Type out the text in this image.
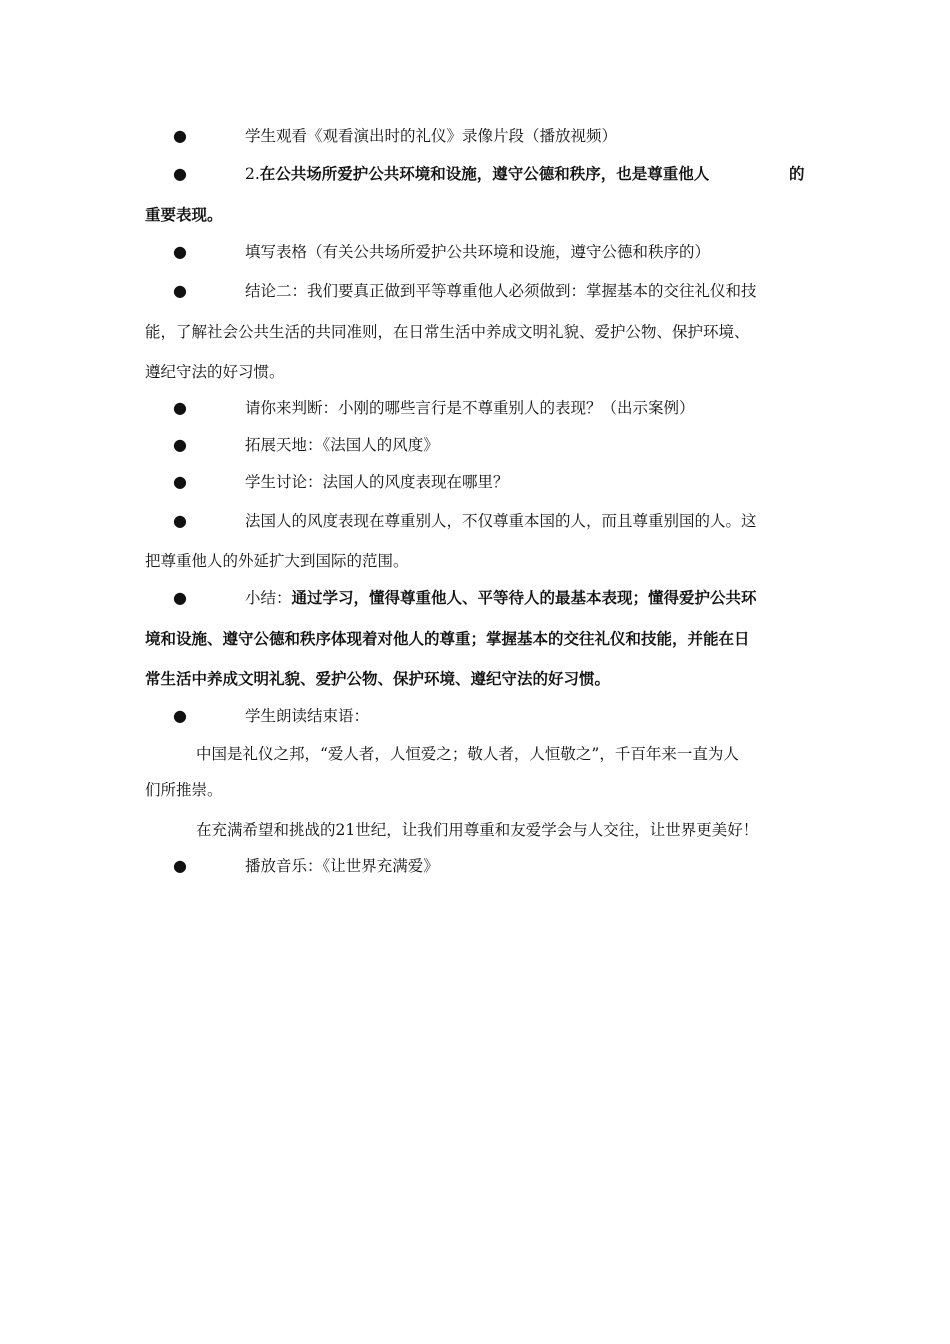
●	学生观看《观看演出时的礼仪》录像片段（播放视频）
●	2.在公共场所爱护公共环境和设施，遵守公德和秩序，也是尊重他人	的
重要表现。
●	填写表格（有关公共场所爱护公共环境和设施，遵守公德和秩序的）
●	结论二：我们要真正做到平等尊重他人必须做到：掌握基本的交往礼仪和技
能，了解社会公共生活的共同准则，在日常生活中养成文明礼貌、爱护公物、保护环境、
遵纪守法的好习惯。
●	请你来判断：小刚的哪些言行是不尊重别人的表现？（出示案例）
●	拓展天地：《法国人的风度》
●	学生讨论：法国人的风度表现在哪里？
●	法国人的风度表现在尊重别人，不仅尊重本国的人，而且尊重别国的人。这
把尊重他人的外延扩大到国际的范围。
●	小结：通过学习，懂得尊重他人、平等待人的最基本表现；懂得爱护公共环
境和设施、遵守公德和秩序体现着对他人的尊重；掌握基本的交往礼仪和技能，并能在日
常生活中养成文明礼貌、爱护公物、保护环境、遵纪守法的好习惯。
●	学生朗读结束语：
中国是礼仪之邦，“爱人者，人恒爱之；敬人者，人恒敬之”，千百年来一直为人
们所推崇。
在充满希望和挑战的21世纪，让我们用尊重和友爱学会与人交往，让世界更美好！
●	播放音乐：《让世界充满爱》
